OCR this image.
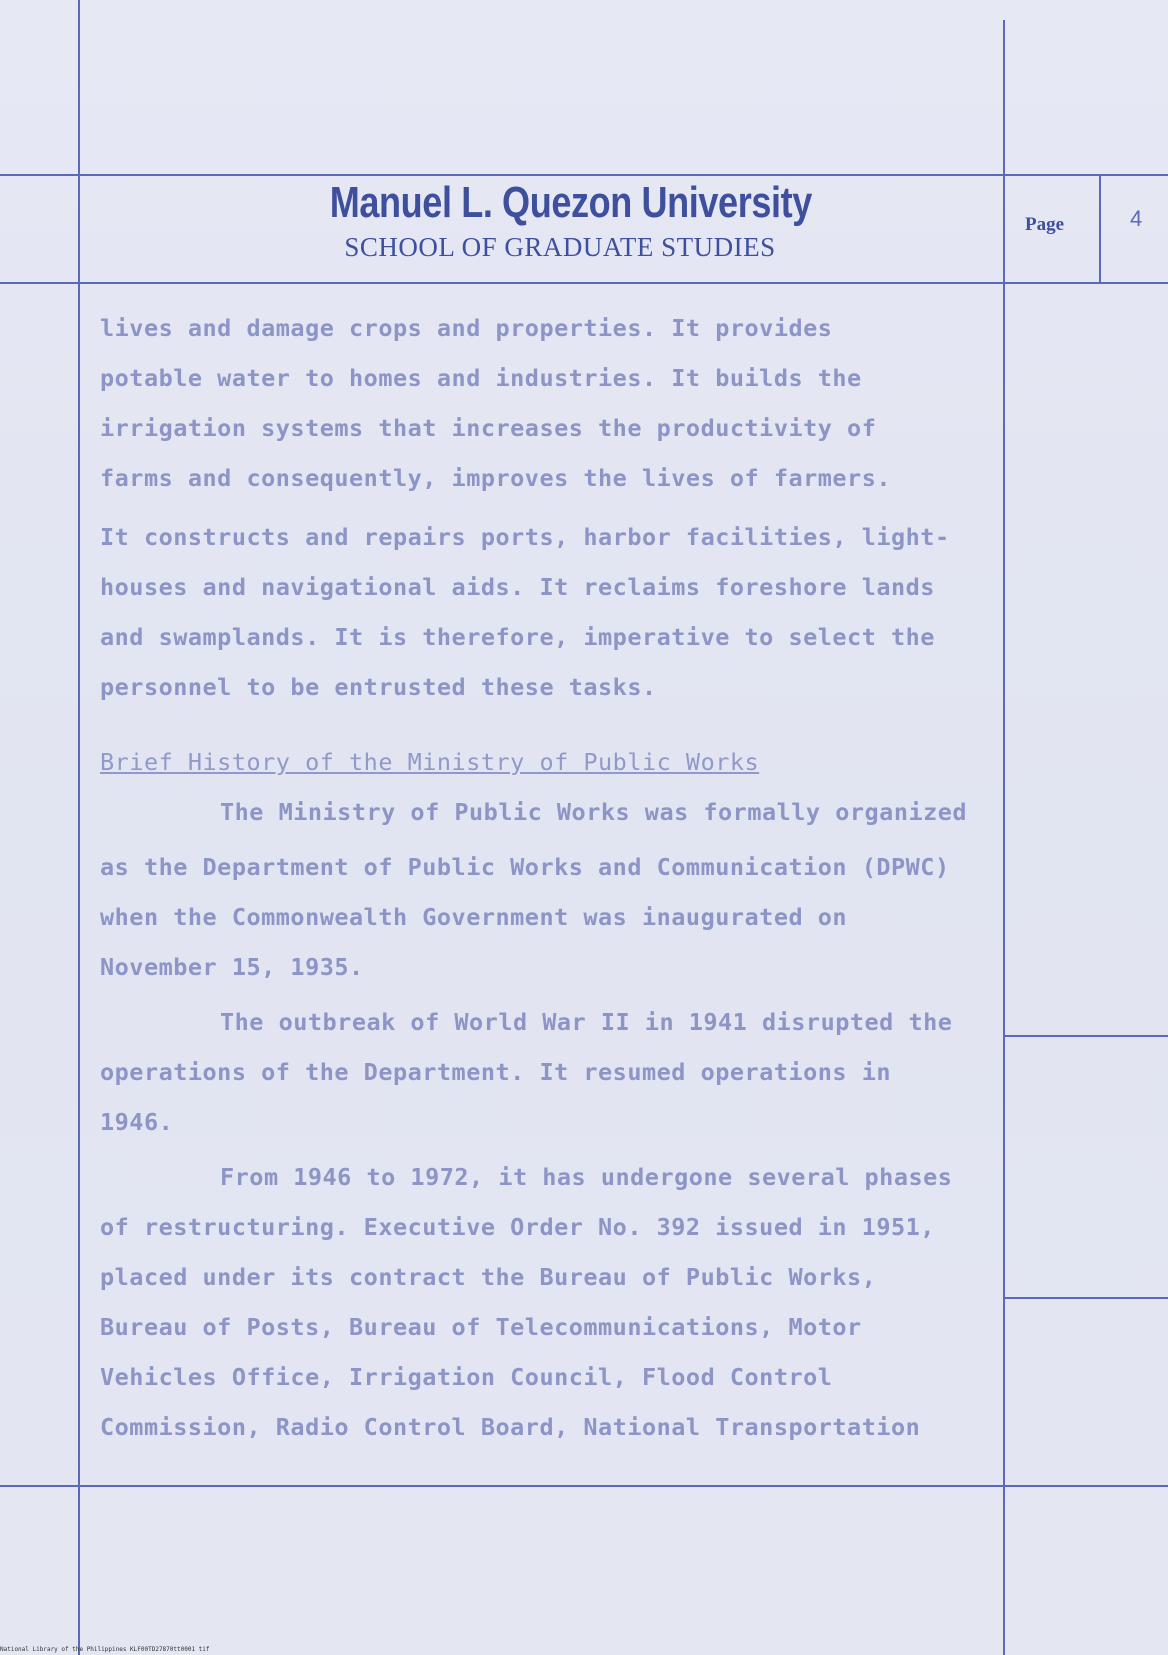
Manuel L. Quezon University
SCHOOL OF GRADUATE STUDIES
Page	4
lives and damage crops and properties. It provides
potable water to homes and industries. It builds the
irrigation systems that increases the productivity of
farms and consequently, improves the lives of farmers.
It constructs and repairs ports, harbor facilities, light-
houses and navigational aids. It reclaims foreshore lands
and swamplands. It is therefore, imperative to select the
personnel to be entrusted these tasks.
Brief History of the Ministry of Public Works
The Ministry of Public Works was formally organized
as the Department of Public Works and Communication (DPWC)
when the Commonwealth Government was inaugurated on
November 15, 1935.
The outbreak of World War II in 1941 disrupted the
operations of the Department. It resumed operations in
1946.
From 1946 to 1972, it has undergone several phases
of restructuring. Executive Order No. 392 issued in 1951,
placed under its contract the Bureau of Public Works,
Bureau of Posts, Bureau of Telecommunications, Motor
Vehicles Office, Irrigation Council, Flood Control
Commission, Radio Control Board, National Transportation
National Library of the Philippines KLF00TD27870tt0001 tif
